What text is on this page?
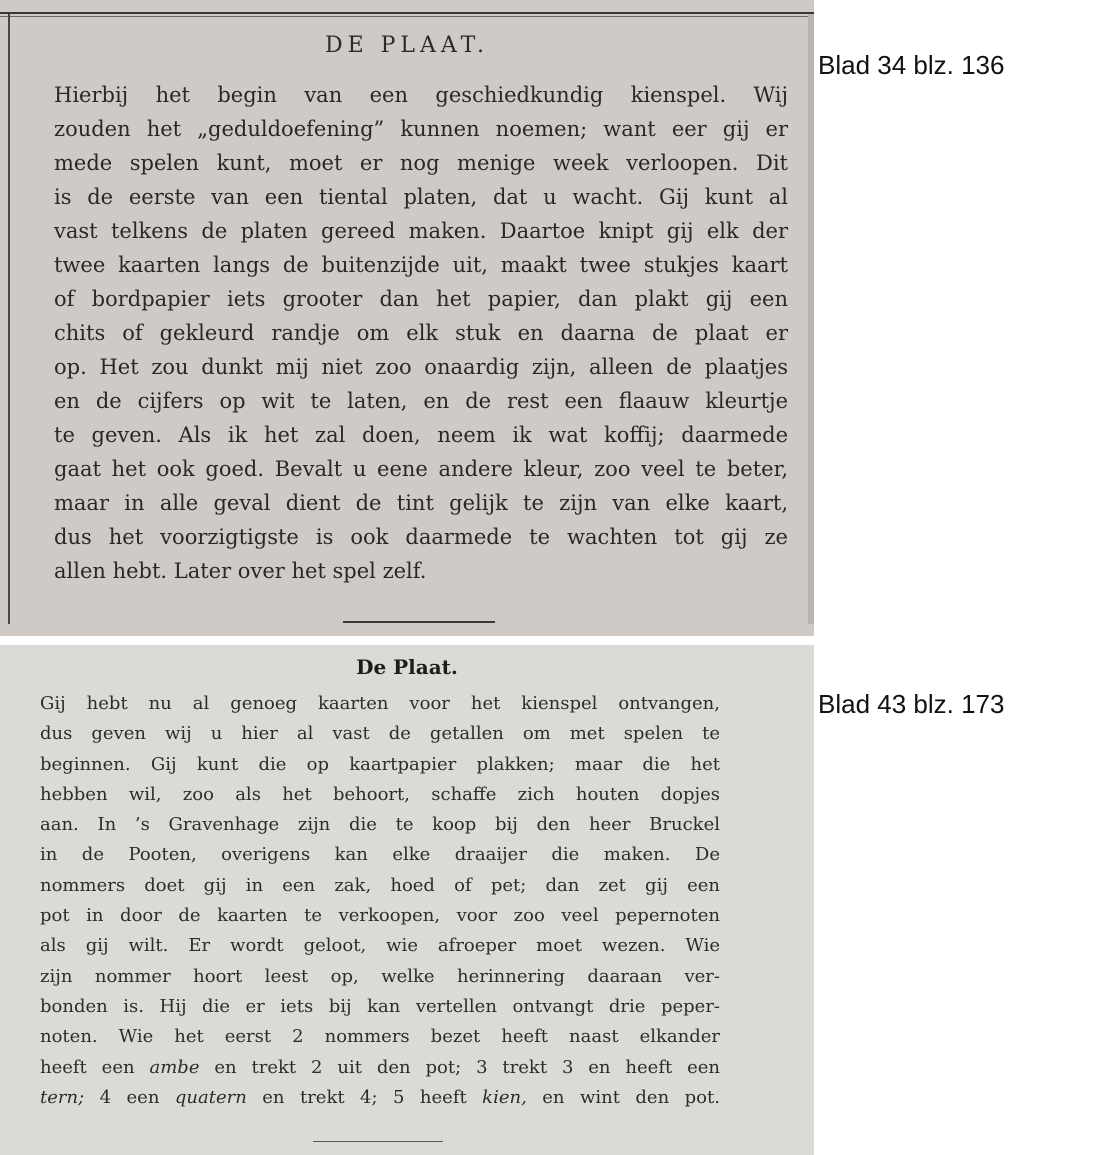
DE PLAAT.
Hierbij het begin van een geschiedkundig kienspel. Wij
zouden het „geduldoefening” kunnen noemen; want eer gij er
mede spelen kunt, moet er nog menige week verloopen. Dit
is de eerste van een tiental platen, dat u wacht. Gij kunt al
vast telkens de platen gereed maken. Daartoe knipt gij elk der
twee kaarten langs de buitenzijde uit, maakt twee stukjes kaart
of bordpapier iets grooter dan het papier, dan plakt gij een
chits of gekleurd randje om elk stuk en daarna de plaat er
op. Het zou dunkt mij niet zoo onaardig zijn, alleen de plaatjes
en de cijfers op wit te laten, en de rest een flaauw kleurtje
te geven. Als ik het zal doen, neem ik wat koffij; daarmede
gaat het ook goed. Bevalt u eene andere kleur, zoo veel te beter,
maar in alle geval dient de tint gelijk te zijn van elke kaart,
dus het voorzigtigste is ook daarmede te wachten tot gij ze
allen hebt. Later over het spel zelf.
De Plaat.
Gij hebt nu al genoeg kaarten voor het kienspel ontvangen,
dus geven wij u hier al vast de getallen om met spelen te
beginnen. Gij kunt die op kaartpapier plakken; maar die het
hebben wil, zoo als het behoort, schaffe zich houten dopjes
aan. In ’s Gravenhage zijn die te koop bij den heer Bruckel
in de Pooten, overigens kan elke draaijer die maken. De
nommers doet gij in een zak, hoed of pet; dan zet gij een
pot in door de kaarten te verkoopen, voor zoo veel pepernoten
als gij wilt. Er wordt geloot, wie afroeper moet wezen. Wie
zijn nommer hoort leest op, welke herinnering daaraan ver-
bonden is. Hij die er iets bij kan vertellen ontvangt drie peper-
noten. Wie het eerst 2 nommers bezet heeft naast elkander
heeft een ambe en trekt 2 uit den pot; 3 trekt 3 en heeft een
tern; 4 een quatern en trekt 4; 5 heeft kien, en wint den pot.
Blad 34 blz. 136
Blad 43 blz. 173
